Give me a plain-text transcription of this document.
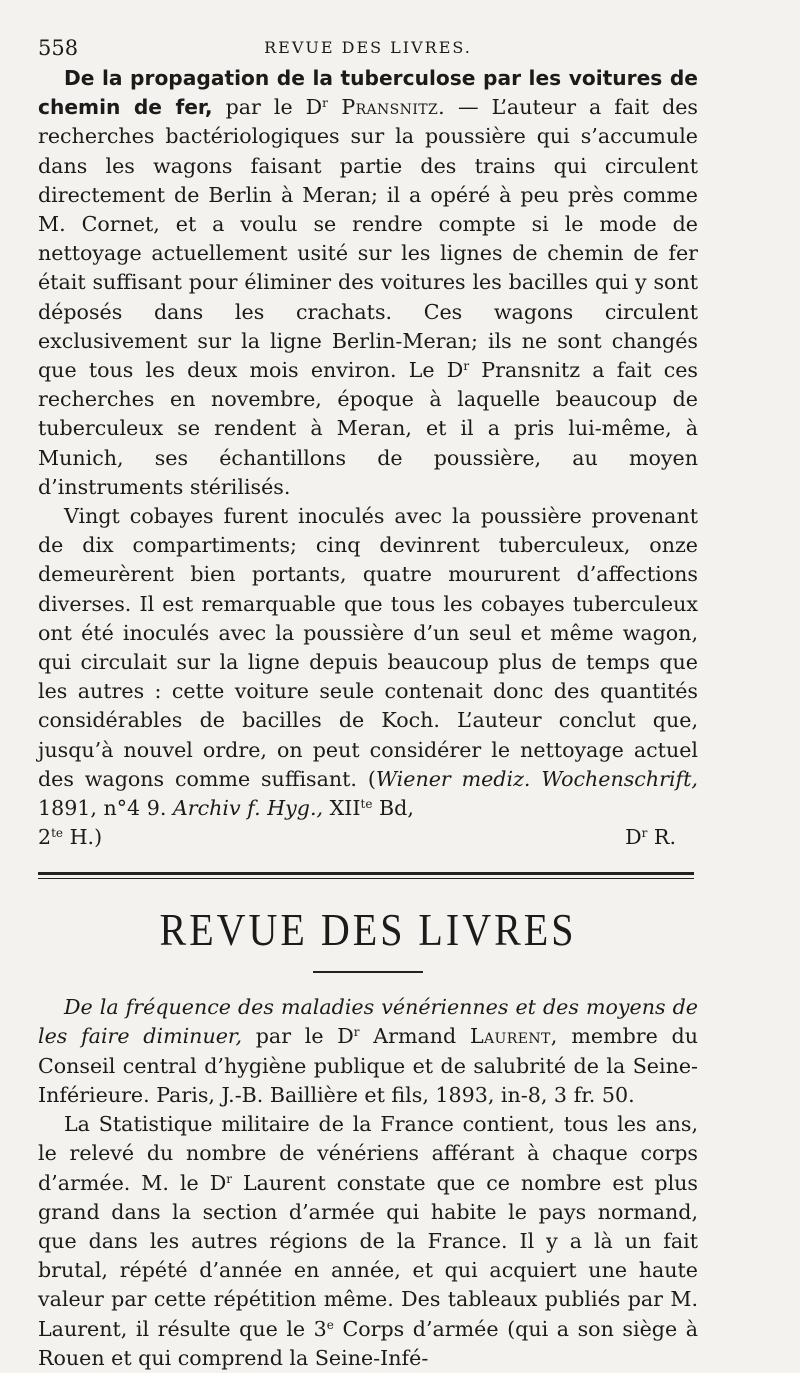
558	REVUE DES LIVRES.

De la propagation de la tuberculose par les voitures de chemin de fer, par le $D^r$ Pransnitz. — L’auteur a fait des recherches bactériologiques sur la poussière qui s’accumule dans les wagons faisant partie des trains qui circulent directement de Berlin à Meran; il a opéré à peu près comme M. Cornet, et a voulu se rendre compte si le mode de nettoyage actuellement usité sur les lignes de chemin de fer était suffisant pour éliminer des voitures les bacilles qui y sont déposés dans les crachats. Ces wagons circulent exclusivement sur la ligne Berlin-Meran; ils ne sont changés que tous les deux mois environ. Le $D^r$ Pransnitz a fait ces recherches en novembre, époque à laquelle beaucoup de tuberculeux se rendent à Meran, et il a pris lui-même, à Munich, ses échantillons de poussière, au moyen d’instruments stérilisés.

Vingt cobayes furent inoculés avec la poussière provenant de dix compartiments; cinq devinrent tuberculeux, onze demeurèrent bien portants, quatre moururent d’affections diverses. Il est remarquable que tous les cobayes tuberculeux ont été inoculés avec la poussière d’un seul et même wagon, qui circulait sur la ligne depuis beaucoup plus de temps que les autres : cette voiture seule contenait donc des quantités considérables de bacilles de Koch. L’auteur conclut que, jusqu’à nouvel ordre, on peut considérer le nettoyage actuel des wagons comme suffisant. (Wiener mediz. Wochenschrift, 1891, n°4 9. Archiv f. Hyg., $XII^{te}$ Bd,

$2^{te}$ H.)	$D^r$ R.
REVUE DES LIVRES

De la fréquence des maladies vénériennes et des moyens de les faire diminuer, par le $D^r$ Armand Laurent, membre du Conseil central d’hygiène publique et de salubrité de la Seine-Inférieure. Paris, J.-B. Baillière et fils, 1893, in-8, 3 fr. 50.

La Statistique militaire de la France contient, tous les ans, le relevé du nombre de vénériens afférant à chaque corps d’armée. M. le $D^r$ Laurent constate que ce nombre est plus grand dans la section d’armée qui habite le pays normand, que dans les autres régions de la France. Il y a là un fait brutal, répété d’année en année, et qui acquiert une haute valeur par cette répétition même. Des tableaux publiés par M. Laurent, il résulte que le 3e Corps d’armée (qui a son siège à Rouen et qui comprend la Seine-Infé-
